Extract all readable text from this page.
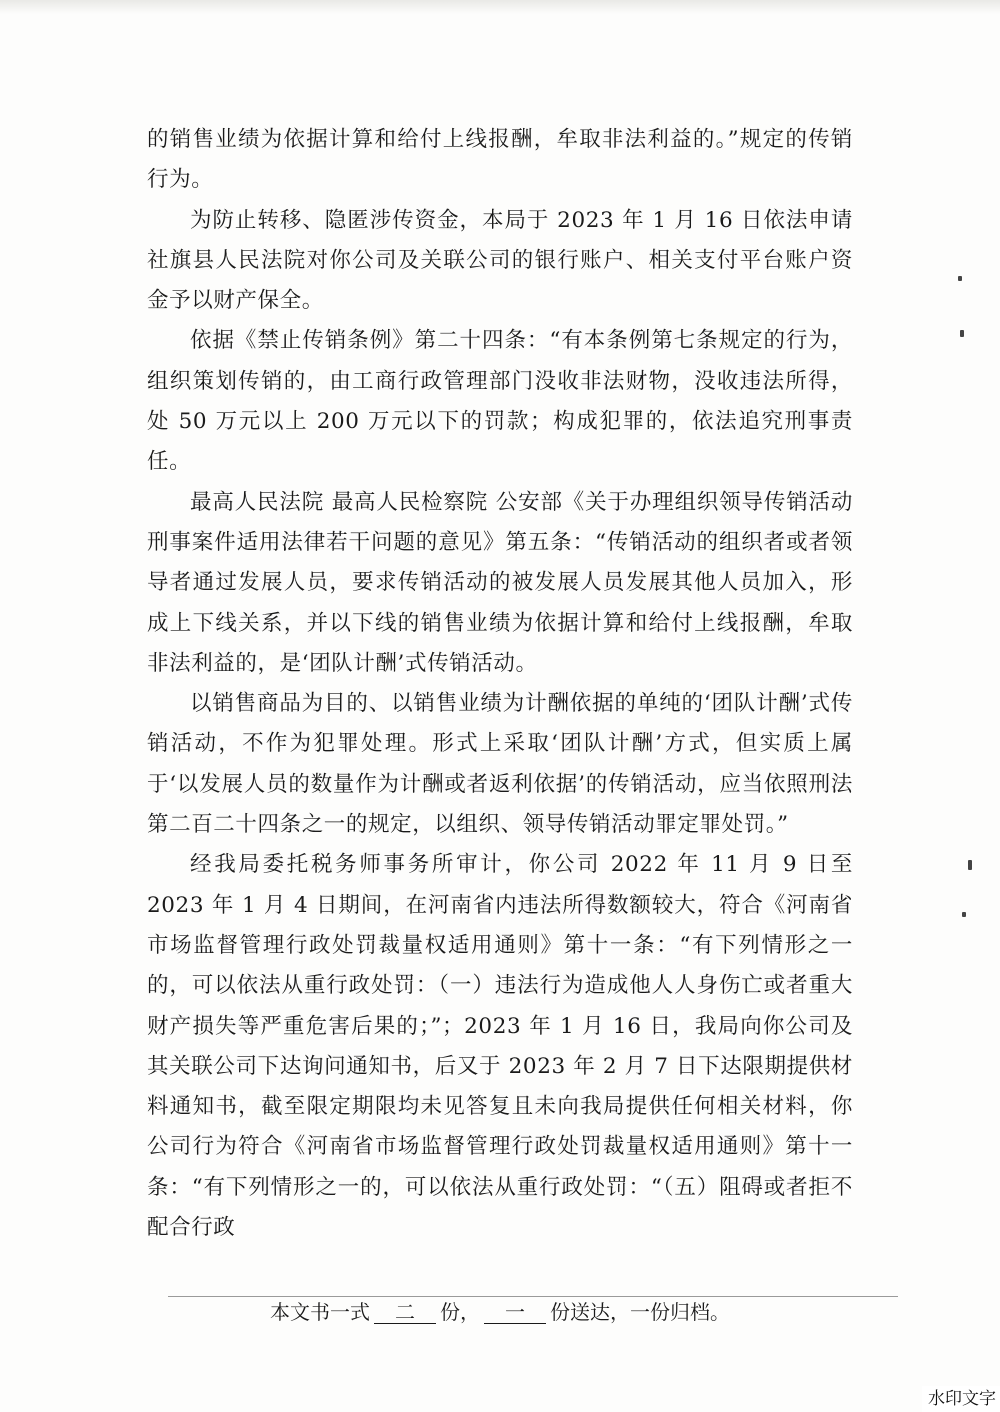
的销售业绩为依据计算和给付上线报酬，牟取非法利益的。”规定的传销行为。

为防止转移、隐匿涉传资金，本局于 2023 年 1 月 16 日依法申请社旗县人民法院对你公司及关联公司的银行账户、相关支付平台账户资金予以财产保全。

依据《禁止传销条例》第二十四条：“有本条例第七条规定的行为，组织策划传销的，由工商行政管理部门没收非法财物，没收违法所得，处 50 万元以上 200 万元以下的罚款；构成犯罪的，依法追究刑事责任。

最高人民法院 最高人民检察院 公安部《关于办理组织领导传销活动刑事案件适用法律若干问题的意见》第五条：“传销活动的组织者或者领导者通过发展人员，要求传销活动的被发展人员发展其他人员加入，形成上下线关系，并以下线的销售业绩为依据计算和给付上线报酬，牟取非法利益的，是‘团队计酬’式传销活动。

以销售商品为目的、以销售业绩为计酬依据的单纯的‘团队计酬’式传销活动，不作为犯罪处理。形式上采取‘团队计酬’方式，但实质上属于‘以发展人员的数量作为计酬或者返利依据’的传销活动，应当依照刑法第二百二十四条之一的规定，以组织、领导传销活动罪定罪处罚。”

经我局委托税务师事务所审计，你公司 2022 年 11 月 9 日至 2023 年 1 月 4 日期间，在河南省内违法所得数额较大，符合《河南省市场监督管理行政处罚裁量权适用通则》第十一条：“有下列情形之一的，可以依法从重行政处罚：（一）违法行为造成他人人身伤亡或者重大财产损失等严重危害后果的；”；2023 年 1 月 16 日，我局向你公司及其关联公司下达询问通知书，后又于 2023 年 2 月 7 日下达限期提供材料通知书，截至限定期限均未见答复且未向我局提供任何相关材料，你公司行为符合《河南省市场监督管理行政处罚裁量权适用通则》第十一条：“有下列情形之一的，可以依法从重行政处罚：“（五）阻碍或者拒不配合行政

本文书一式 二 份， 一 份送达，一份归档。
水印文字
